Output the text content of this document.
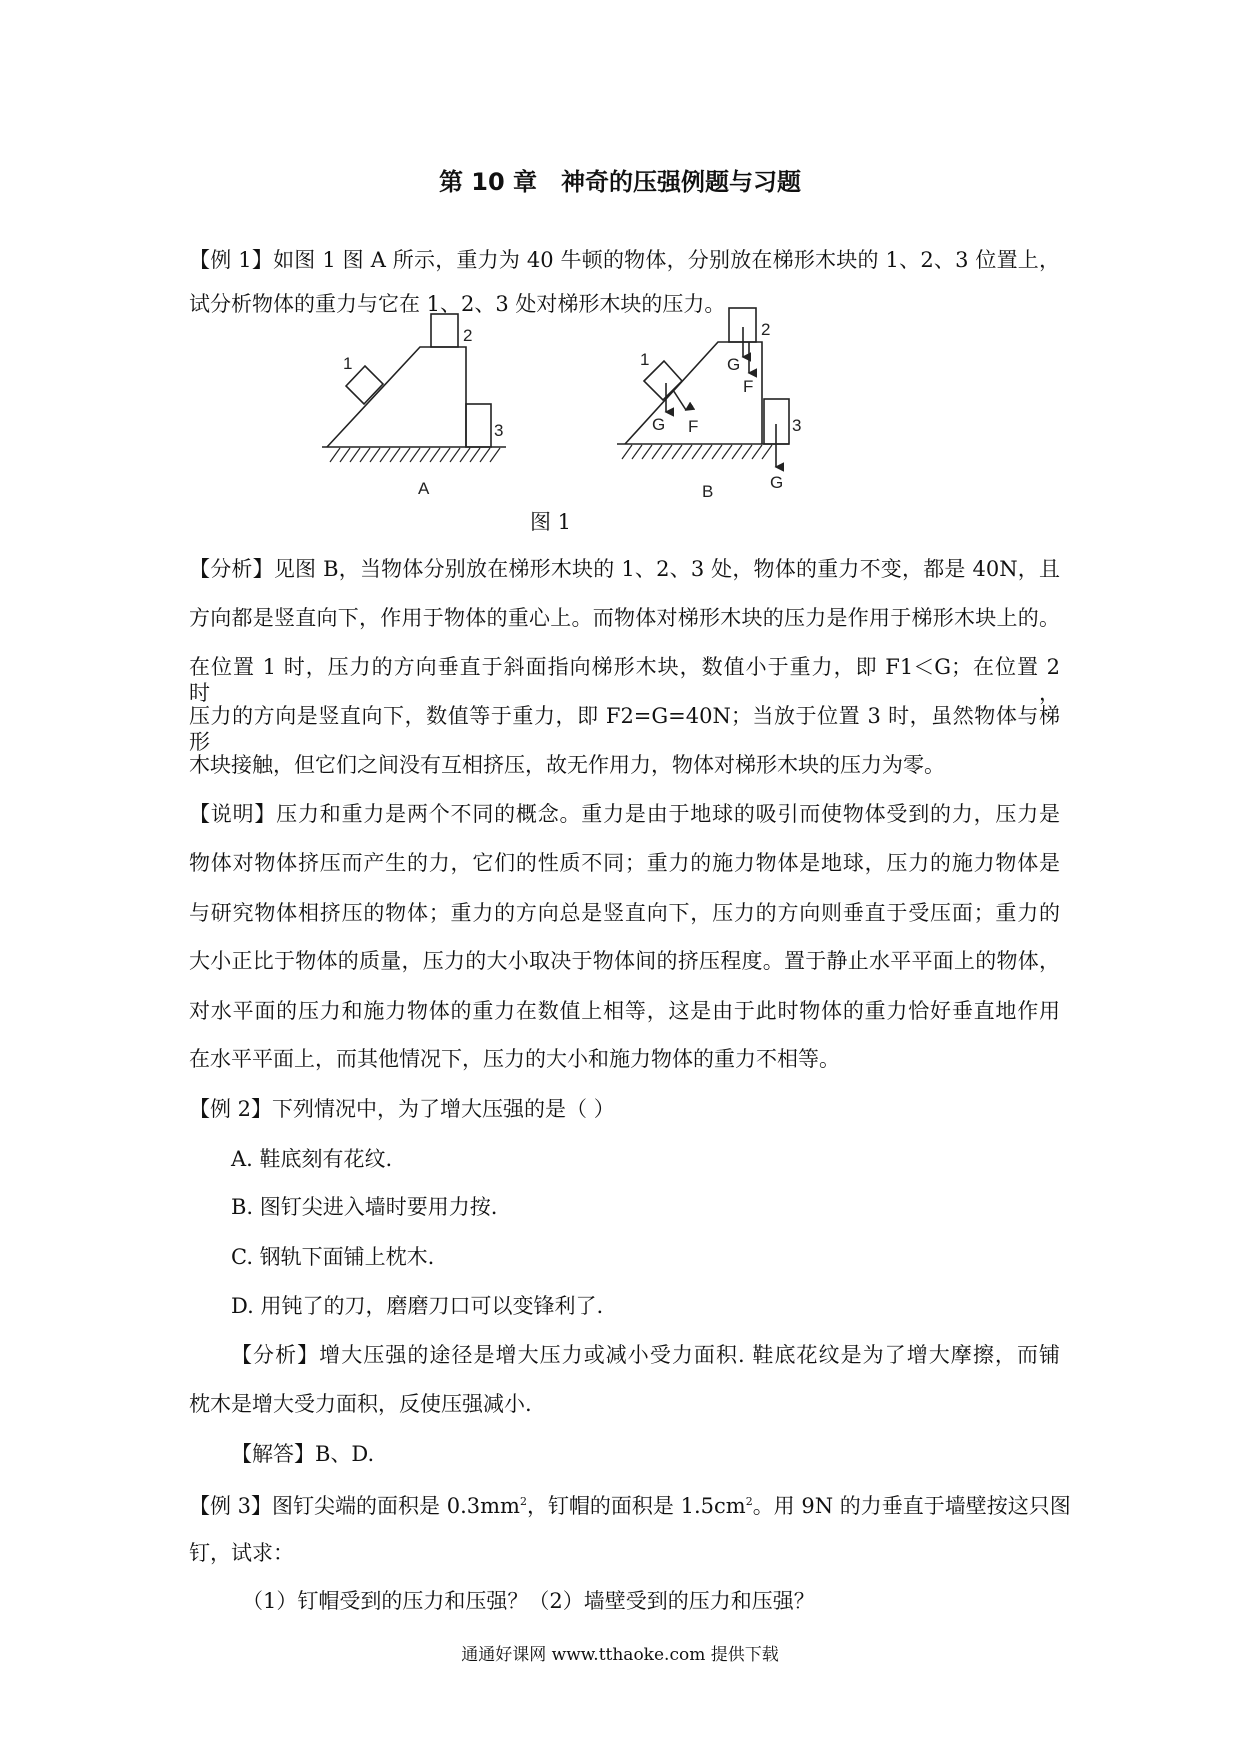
第 10 章　神奇的压强例题与习题
【例 1】如图 1 图 A 所示，重力为 40 牛顿的物体，分别放在梯形木块的 1、2、3 位置上，
试分析物体的重力与它在 1、2、3 处对梯形木块的压力。
1
2
3
A
1
2
3
G F
G
F
G
B
图 1
【分析】见图 B，当物体分别放在梯形木块的 1、2、3 处，物体的重力不变，都是 40N，且
方向都是竖直向下，作用于物体的重心上。而物体对梯形木块的压力是作用于梯形木块上的。
在位置 1 时，压力的方向垂直于斜面指向梯形木块，数值小于重力，即 F1＜G；在位置 2 时，
压力的方向是竖直向下，数值等于重力，即 F2=G=40N；当放于位置 3 时，虽然物体与梯形
木块接触，但它们之间没有互相挤压，故无作用力，物体对梯形木块的压力为零。
【说明】压力和重力是两个不同的概念。重力是由于地球的吸引而使物体受到的力，压力是
物体对物体挤压而产生的力，它们的性质不同；重力的施力物体是地球，压力的施力物体是
与研究物体相挤压的物体；重力的方向总是竖直向下，压力的方向则垂直于受压面；重力的
大小正比于物体的质量，压力的大小取决于物体间的挤压程度。置于静止水平平面上的物体，
对水平面的压力和施力物体的重力在数值上相等，这是由于此时物体的重力恰好垂直地作用
在水平平面上，而其他情况下，压力的大小和施力物体的重力不相等。
【例 2】下列情况中，为了增大压强的是（ ）
A. 鞋底刻有花纹.
B. 图钉尖进入墙时要用力按.
C. 钢轨下面铺上枕木.
D. 用钝了的刀，磨磨刀口可以变锋利了.
【分析】增大压强的途径是增大压力或减小受力面积. 鞋底花纹是为了增大摩擦，而铺
枕木是增大受力面积，反使压强减小.
【解答】B、D.
【例 3】图钉尖端的面积是 $0.3mm^2$，钉帽的面积是 $1.5cm^2$。用 9N 的力垂直于墙壁按这只图
钉，试求：
（1）钉帽受到的压力和压强？（2）墙壁受到的压力和压强？
通通好课网 www.tthaoke.com 提供下载
